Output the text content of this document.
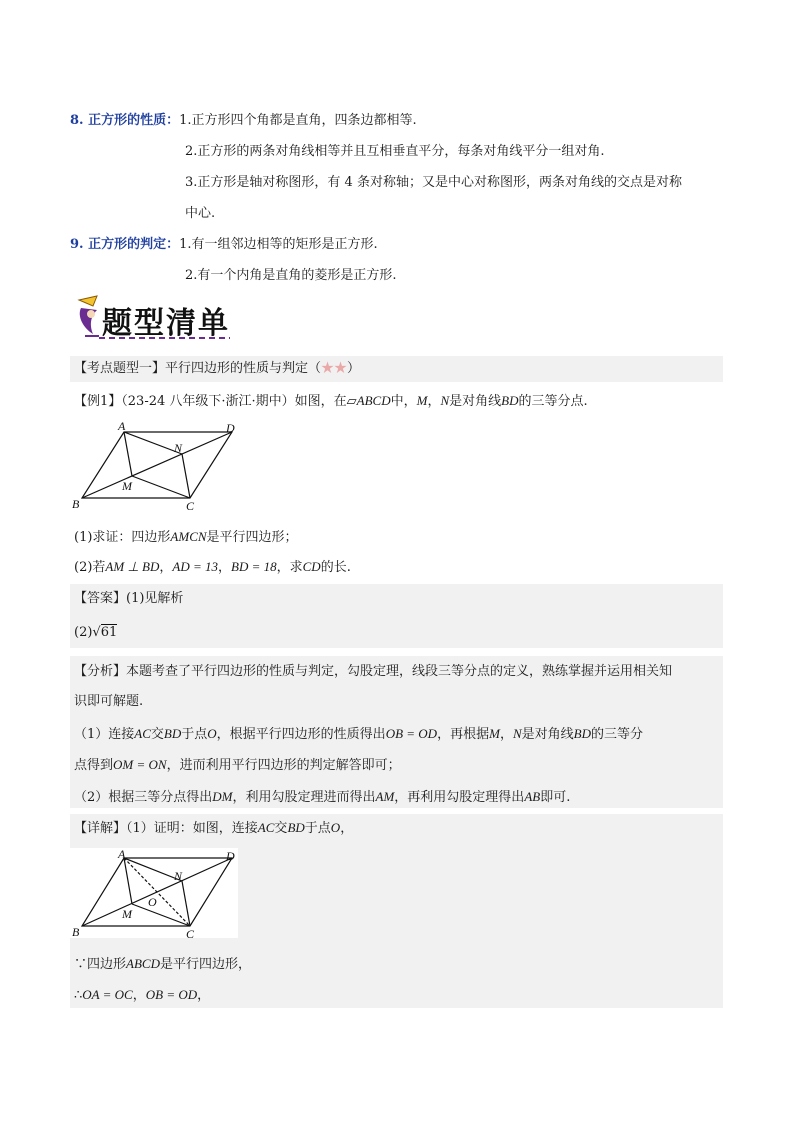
8. 正方形的性质：1.正方形四个角都是直角，四条边都相等.
2.正方形的两条对角线相等并且互相垂直平分，每条对角线平分一组对角.
3.正方形是轴对称图形，有 4 条对称轴；又是中心对称图形，两条对角线的交点是对称
中心.
9. 正方形的判定：1.有一组邻边相等的矩形是正方形.
2.有一个内角是直角的菱形是正方形.
题型清单
【考点题型一】平行四边形的性质与判定（★★）
【例1】（23-24 八年级下·浙江·期中）如图，在▱ABCD中，M，N是对角线BD的三等分点.
A	D
B	C
N
M
(1)求证：四边形AMCN是平行四边形；
(2)若AM ⊥ BD，AD = 13，BD = 18，求CD的长.
【答案】(1)见解析
(2)√61
【分析】本题考查了平行四边形的性质与判定，勾股定理，线段三等分点的定义，熟练掌握并运用相关知
识即可解题.
（1）连接AC交BD于点O，根据平行四边形的性质得出OB = OD，再根据M，N是对角线BD的三等分
点得到OM = ON，进而利用平行四边形的判定解答即可；
（2）根据三等分点得出DM，利用勾股定理进而得出AM，再利用勾股定理得出AB即可.
【详解】（1）证明：如图，连接AC交BD于点O，
A	D
B	C
N
M
O
∵四边形ABCD是平行四边形，
∴OA = OC，OB = OD，
